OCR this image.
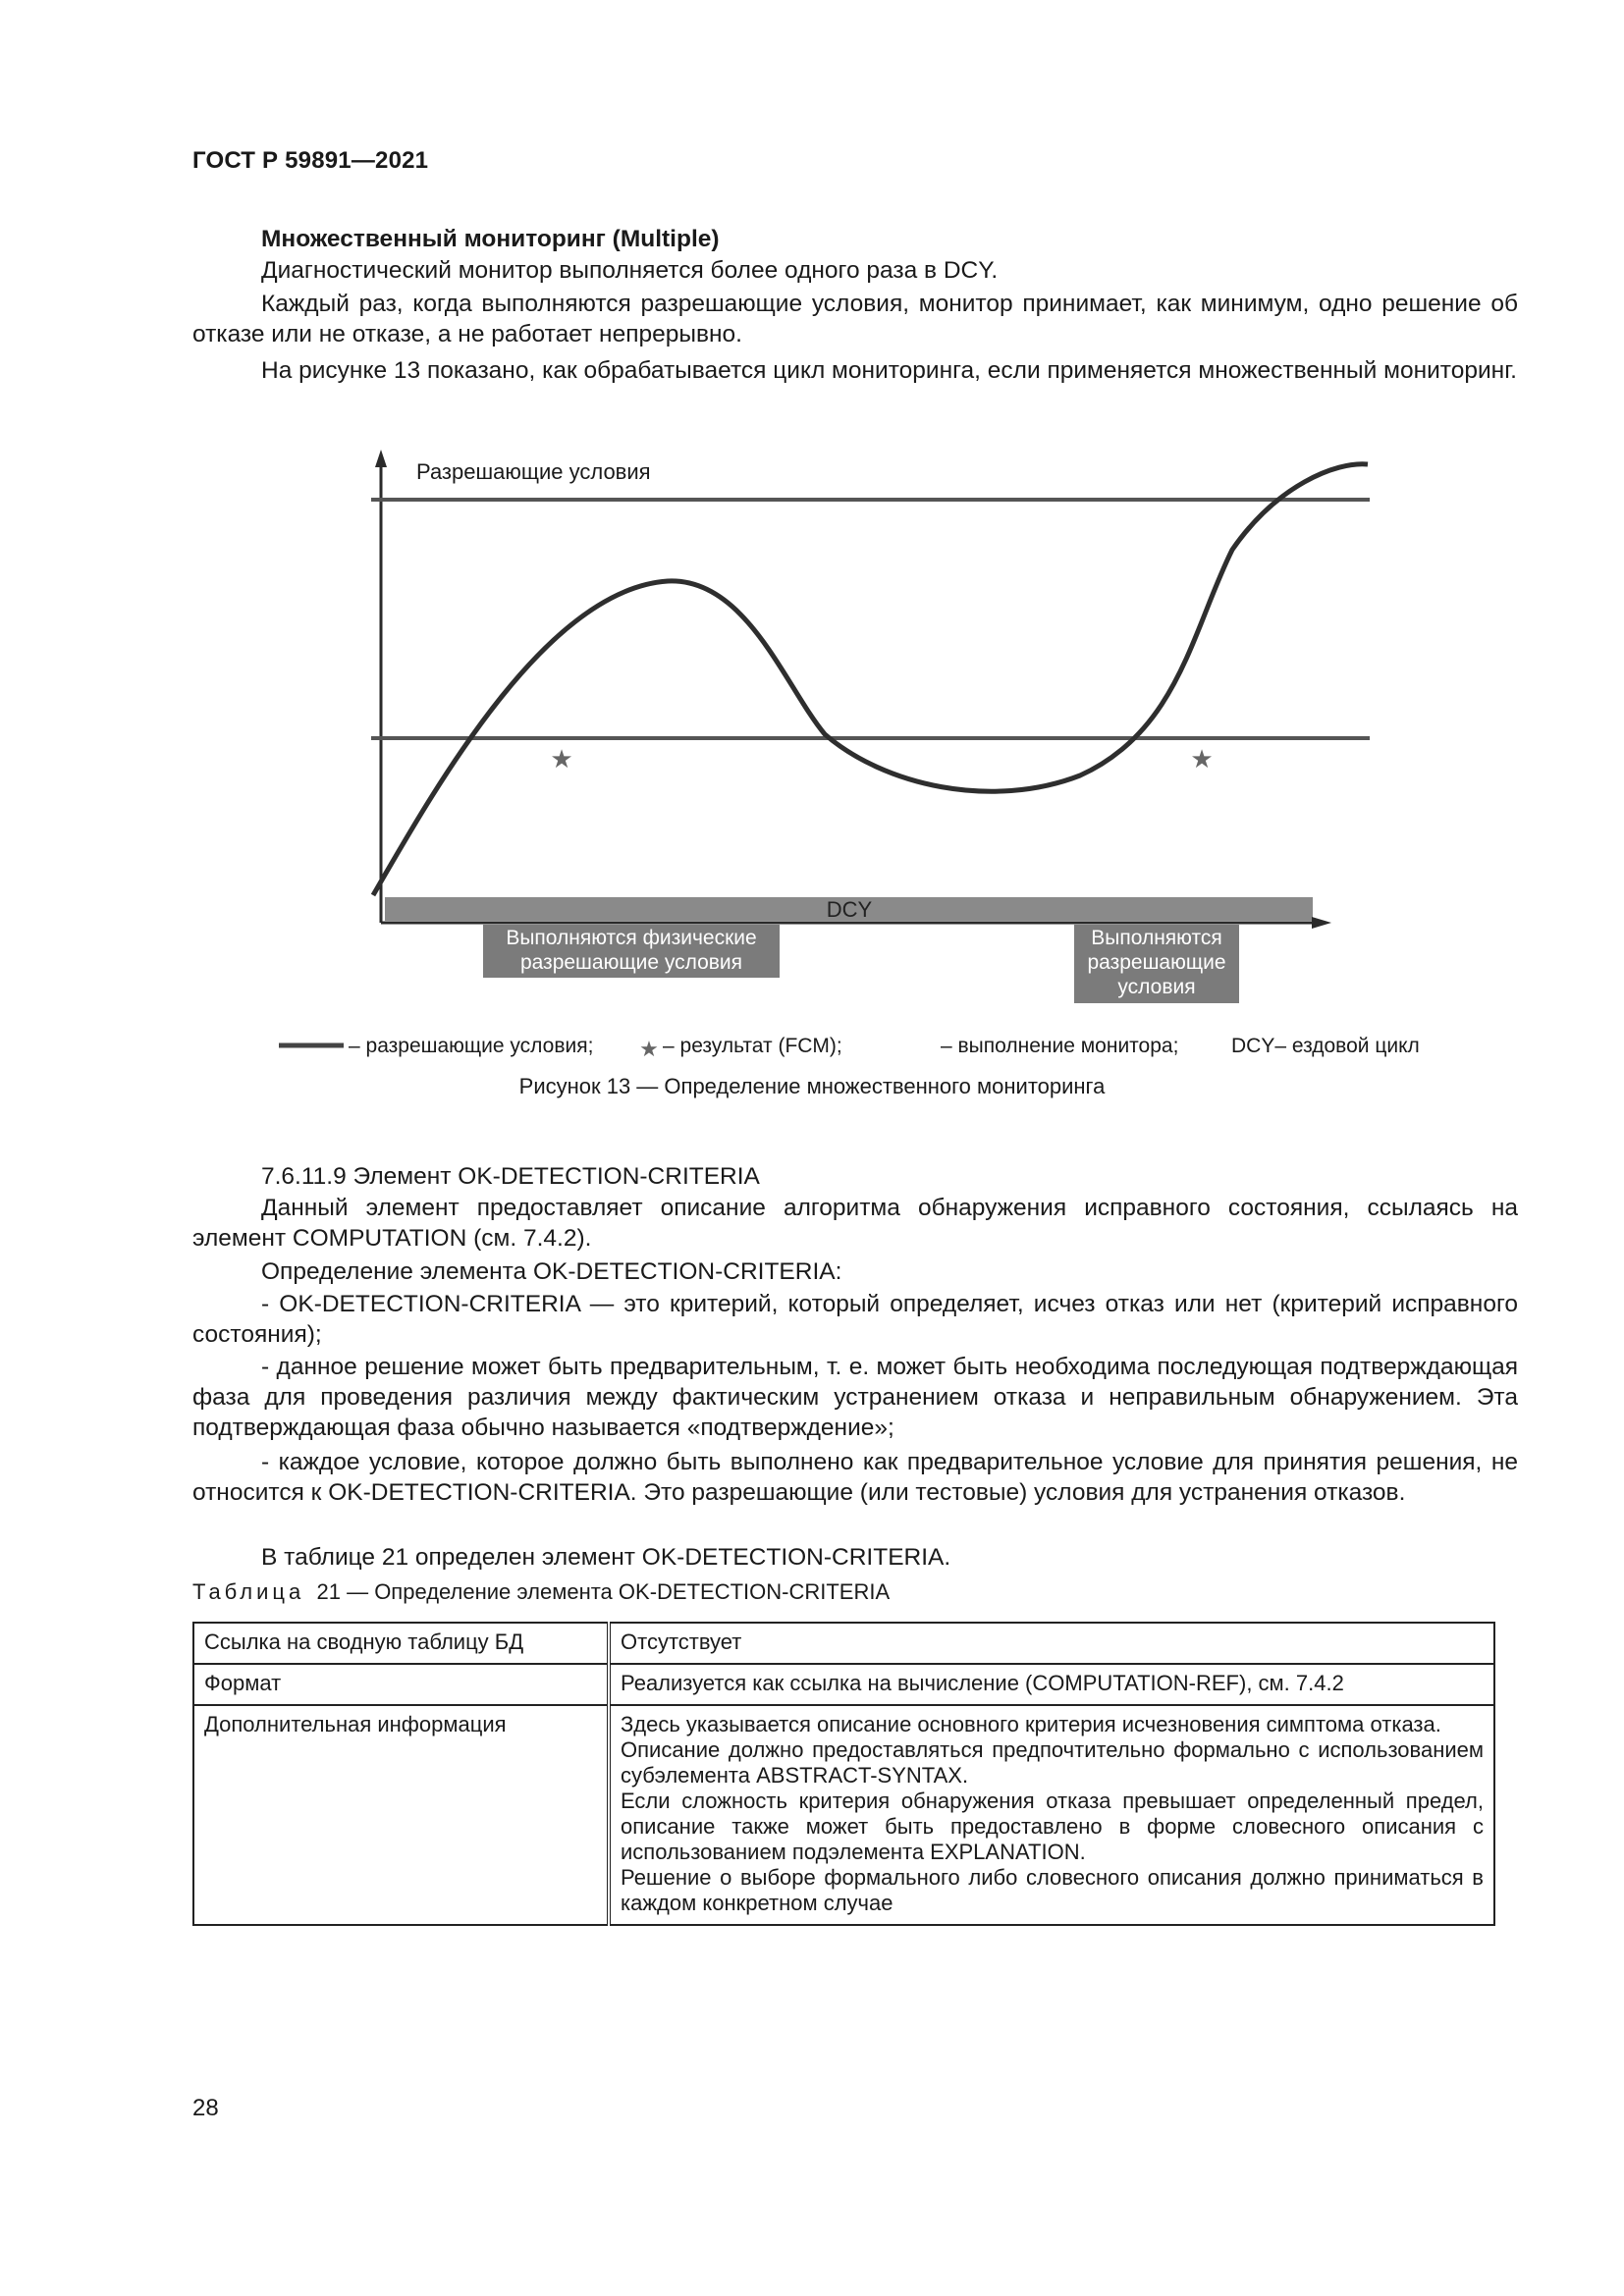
ГОСТ Р 59891—2021
Множественный мониторинг (Multiple)
Диагностический монитор выполняется более одного раза в DCY.
Каждый раз, когда выполняются разрешающие условия, монитор принимает, как минимум, одно решение об отказе или не отказе, а не работает непрерывно.
На рисунке 13 показано, как обрабатывается цикл мониторинга, если применяется множественный мониторинг.
Разрешающие условия
★	★
DCY
Выполняются физические
разрешающие условия
Выполняются
разрешающие
условия
– разрешающие условия; ★ – результат (FCM);	– выполнение монитора;	DCY– ездовой цикл
Рисунок 13 — Определение множественного мониторинга
7.6.11.9 Элемент OK-DETECTION-CRITERIA
Данный элемент предоставляет описание алгоритма обнаружения исправного состояния, ссылаясь на элемент COMPUTATION (см. 7.4.2).
Определение элемента OK-DETECTION-CRITERIA:
- OK-DETECTION-CRITERIA — это критерий, который определяет, исчез отказ или нет (критерий исправного состояния);
- данное решение может быть предварительным, т. е. может быть необходима последующая подтверждающая фаза для проведения различия между фактическим устранением отказа и неправильным обнаружением. Эта подтверждающая фаза обычно называется «подтверждение»;
- каждое условие, которое должно быть выполнено как предварительное условие для принятия решения, не относится к OK-DETECTION-CRITERIA. Это разрешающие (или тестовые) условия для устранения отказов.
В таблице 21 определен элемент OK-DETECTION-CRITERIA.
Таблица 21 — Определение элемента OK-DETECTION-CRITERIA
Ссылка на сводную таблицу БД	Отсутствует
Формат	Реализуется как ссылка на вычисление (COMPUTATION-REF), см. 7.4.2
Дополнительная информация	Здесь указывается описание основного критерия исчезновения симптома отказа.
Описание должно предоставляться предпочтительно формально с использованием субэлемента ABSTRACT-SYNTAX.
Если сложность критерия обнаружения отказа превышает определенный предел, описание также может быть предоставлено в форме словесного описания с использованием подэлемента EXPLANATION.
Решение о выборе формального либо словесного описания должно приниматься в каждом конкретном случае
28
